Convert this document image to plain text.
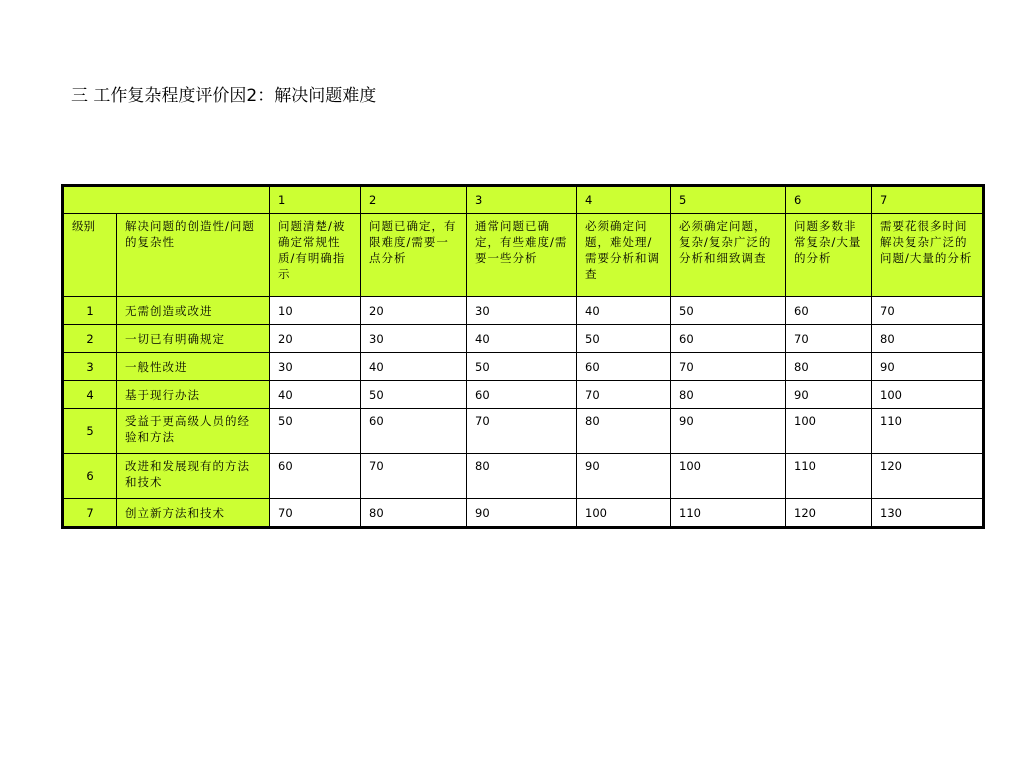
三 工作复杂程度评价因2：解决问题难度
		1	2	3	4	5	6	7
级别	解决问题的创造性/问题的复杂性	问题清楚/被确定常规性质/有明确指示	问题已确定，有限难度/需要一点分析	通常问题已确定，有些难度/需要一些分析	必须确定问题，难处理/需要分析和调查	必须确定问题，复杂/复杂广泛的分析和细致调查	问题多数非常复杂/大量的分析	需要花很多时间解决复杂广泛的问题/大量的分析
1	无需创造或改进	10	20	30	40	50	60	70
2	一切已有明确规定	20	30	40	50	60	70	80
3	一般性改进	30	40	50	60	70	80	90
4	基于现行办法	40	50	60	70	80	90	100
5	受益于更高级人员的经验和方法	50	60	70	80	90	100	110
6	改进和发展现有的方法和技术	60	70	80	90	100	110	120
7	创立新方法和技术	70	80	90	100	110	120	130
